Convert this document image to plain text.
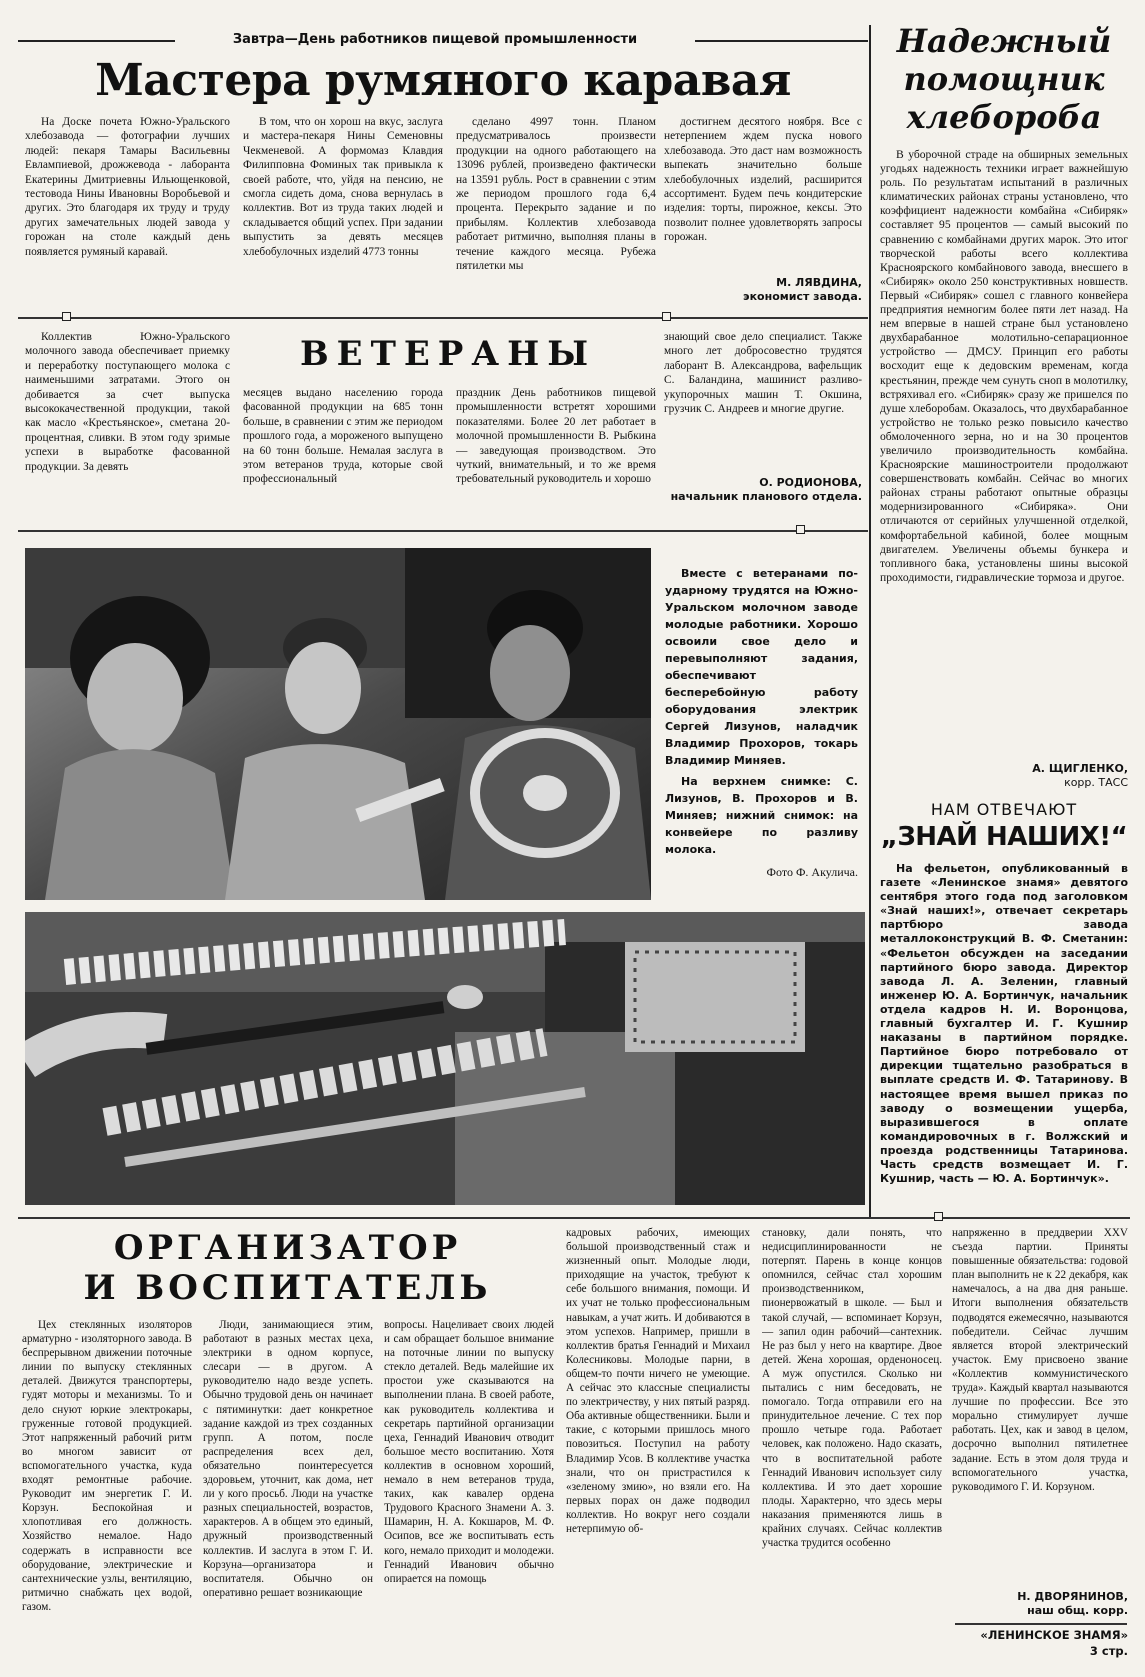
Завтра—День работников пищевой промышленности
Мастера румяного каравая

На Доске почета Южно-Уральского хлебозавода — фотографии лучших людей: пекаря Тамары Васильевны Евлампиевой, дрожжевода - лаборанта Екатерины Дмитриевны Ильющенковой, тестовода Нины Ивановны Воробьевой и других. Это благодаря их труду и труду других замечательных людей завода у горожан на столе каждый день появляется румяный каравай.

В том, что он хорош на вкус, заслуга и мастера-пекаря Нины Семеновны Чекменевой. А формомаз Клавдия Филипповна Фоминых так привыкла к своей работе, что, уйдя на пенсию, не смогла сидеть дома, снова вернулась в коллектив. Вот из труда таких людей и складывается общий успех. При задании выпустить за девять месяцев хлебобулочных изделий 4773 тонны

сделано 4997 тонн. Планом предусматривалось произвести продукции на одного работающего на 13096 рублей, произведено фактически на 13591 рубль. Рост в сравнении с этим же периодом прошлого года 6,4 процента. Перекрыто задание и по прибылям. Коллектив хлебозавода работает ритмично, выполняя планы в течение каждого месяца. Рубежа пятилетки мы

достигнем десятого ноября. Все с нетерпением ждем пуска нового хлебозавода. Это даст нам возможность выпекать значительно больше хлебобулочных изделий, расширится ассортимент. Будем печь кондитерские изделия: торты, пирожное, кексы. Это позволит полнее удовлетворять запросы горожан.

М. ЛЯВДИНА,
экономист завода.

Коллектив Южно-Уральского молочного завода обеспечивает приемку и переработку поступающего молока с наименьшими затратами. Этого он добивается за счет выпуска высококачественной продукции, такой как масло «Крестьянское», сметана 20-процентная, сливки. В этом году зримые успехи в выработке фасованной продукции. За девять

ВЕТЕРАНЫ

месяцев выдано населению города фасованной продукции на 685 тонн больше, в сравнении с этим же периодом прошлого года, а мороженого выпущено на 60 тонн больше. Немалая заслуга в этом ветеранов труда, которые свой профессиональный

праздник День работников пищевой промышленности встретят хорошими показателями. Более 20 лет работает в молочной промышленности В. Рыбкина — заведующая производством. Это чуткий, внимательный, и то же время требовательный руководитель и хорошо

знающий свое дело специалист. Также много лет добросовестно трудятся лаборант В. Александрова, вафельщик С. Баландина, машинист разливо-укупорочных машин Т. Окшина, грузчик С. Андреев и многие другие.

О. РОДИОНОВА,
начальник планового отдела.
Вместе с ветеранами по-ударному трудятся на Южно-Уральском молочном заводе молодые работники. Хорошо освоили свое дело и перевыполняют задания, обеспечивают бесперебойную работу оборудования электрик Сергей Лизунов, наладчик Владимир Прохоров, токарь Владимир Миняев.
На верхнем снимке: С. Лизунов, В. Прохоров и В. Миняев; нижний снимок: на конвейере по разливу молока.
Фото Ф. Акулича.
Надежный
помощник
хлебороба

В уборочной страде на обширных земельных угодьях надежность техники играет важнейшую роль. По результатам испытаний в различных климатических районах страны установлено, что коэффициент надежности комбайна «Сибиряк» составляет 95 процентов — самый высокий по сравнению с комбайнами других марок. Это итог творческой работы всего коллектива Красноярского комбайнового завода, внесшего в «Сибиряк» около 250 конструктивных новшеств. Первый «Сибиряк» сошел с главного конвейера предприятия немногим более пяти лет назад. На нем впервые в нашей стране был установлено двухбарабанное молотильно-сепарационное устройство — ДМСУ. Принцип его работы восходит еще к дедовским временам, когда крестьянин, прежде чем сунуть сноп в молотилку, встряхивал его. «Сибиряк» сразу же пришелся по душе хлеборобам. Оказалось, что двухбарабанное устройство не только резко повысило качество обмолоченного зерна, но и на 30 процентов увеличило производительность комбайна. Красноярские машиностроители продолжают совершенствовать комбайн. Сейчас во многих районах страны работают опытные образцы модернизированного «Сибиряка». Они отличаются от серийных улучшенной отделкой, комфортабельной кабиной, более мощным двигателем. Увеличены объемы бункера и топливного бака, установлены шины высокой проходимости, гидравлические тормоза и другое.

А. ЩИГЛЕНКО,
корр. ТАСС
НАМ ОТВЕЧАЮТ
„ЗНАЙ НАШИХ!“

На фельетон, опубликованный в газете «Ленинское знамя» девятого сентября этого года под заголовком «Знай наших!», отвечает секретарь партбюро завода металлоконструкций В. Ф. Сметанин: «Фельетон обсужден на заседании партийного бюро завода. Директор завода Л. А. Зеленин, главный инженер Ю. А. Бортинчук, начальник отдела кадров Н. И. Воронцова, главный бухгалтер И. Г. Кушнир наказаны в партийном порядке. Партийное бюро потребовало от дирекции тщательно разобраться в выплате средств И. Ф. Татаринову. В настоящее время вышел приказ по заводу о возмещении ущерба, выразившегося в оплате командировочных в г. Волжский и проезда родственницы Татаринова. Часть средств возмещает И. Г. Кушнир, часть — Ю. А. Бортинчук».

ОРГАНИЗАТОР
И ВОСПИТАТЕЛЬ

Цех стеклянных изоляторов арматурно - изоляторного завода. В беспрерывном движении поточные линии по выпуску стеклянных деталей. Движутся транспортеры, гудят моторы и механизмы. То и дело снуют юркие электрокары, груженные готовой продукцией. Этот напряженный рабочий ритм во многом зависит от вспомогательного участка, куда входят ремонтные рабочие. Руководит им энергетик Г. И. Корзун. Беспокойная и хлопотливая его должность. Хозяйство немалое. Надо содержать в исправности все оборудование, электрические и сантехнические узлы, вентиляцию, ритмично снабжать цех водой, газом.

Люди, занимающиеся этим, работают в разных местах цеха, электрики в одном корпусе, слесари — в другом. А руководителю надо везде успеть. Обычно трудовой день он начинает с пятиминутки: дает конкретное задание каждой из трех созданных групп. А потом, после распределения всех дел, обязательно поинтересуется здоровьем, уточнит, как дома, нет ли у кого просьб. Люди на участке разных специальностей, возрастов, характеров. А в общем это единый, дружный производственный коллектив. И заслуга в этом Г. И. Корзуна—организатора и воспитателя. Обычно он оперативно решает возникающие

вопросы. Нацеливает своих людей и сам обращает большое внимание на поточные линии по выпуску стекло деталей. Ведь малейшие их простои уже сказываются на выполнении плана. В своей работе, как руководитель коллектива и секретарь партийной организации цеха, Геннадий Иванович отводит большое место воспитанию. Хотя коллектив в основном хороший, немало в нем ветеранов труда, таких, как кавалер ордена Трудового Красного Знамени А. З. Шамарин, Н. А. Кокшаров, М. Ф. Осипов, все же воспитывать есть кого, немало приходит и молодежи. Геннадий Иванович обычно опирается на помощь

кадровых рабочих, имеющих большой производственный стаж и жизненный опыт. Молодые люди, приходящие на участок, требуют к себе большого внимания, помощи. И их учат не только профессиональным навыкам, а учат жить. И добиваются в этом успехов. Например, пришли в коллектив братья Геннадий и Михаил Колесниковы. Молодые парни, в общем-то почти ничего не умеющие. А сейчас это классные специалисты по электричеству, у них пятый разряд. Оба активные общественники. Были и такие, с которыми пришлось много повозиться. Поступил на работу Владимир Усов. В коллективе участка знали, что он пристрастился к «зеленому змию», но взяли его. На первых порах он даже подводил коллектив. Но вокруг него создали нетерпимую об-

становку, дали понять, что недисциплинированности не потерпят. Парень в конце концов опомнился, сейчас стал хорошим производственником, пионервожатый в школе. — Был и такой случай, — вспоминает Корзун, — запил один рабочий—сантехник. Не раз был у него на квартире. Двое детей. Жена хорошая, орденоносец. А муж опустился. Сколько ни пытались с ним беседовать, не помогало. Тогда отправили его на принудительное лечение. С тех пор прошло четыре года. Работает человек, как положено. Надо сказать, что в воспитательной работе Геннадий Иванович использует силу коллектива. И это дает хорошие плоды. Характерно, что здесь меры наказания применяются лишь в крайних случаях. Сейчас коллектив участка трудится особенно

напряженно в преддверии XXV съезда партии. Приняты повышенные обязательства: годовой план выполнить не к 22 декабря, как намечалось, а на два дня раньше. Итоги выполнения обязательств подводятся ежемесячно, называются победители. Сейчас лучшим является второй электрический участок. Ему присвоено звание «Коллектив коммунистического труда». Каждый квартал называются лучшие по профессии. Все это морально стимулирует лучше работать. Цех, как и завод в целом, досрочно выполнил пятилетнее задание. Есть в этом доля труда и вспомогательного участка, руководимого Г. И. Корзуном.

Н. ДВОРЯНИНОВ,
наш общ. корр.
«ЛЕНИНСКОЕ ЗНАМЯ»
3 стр.
